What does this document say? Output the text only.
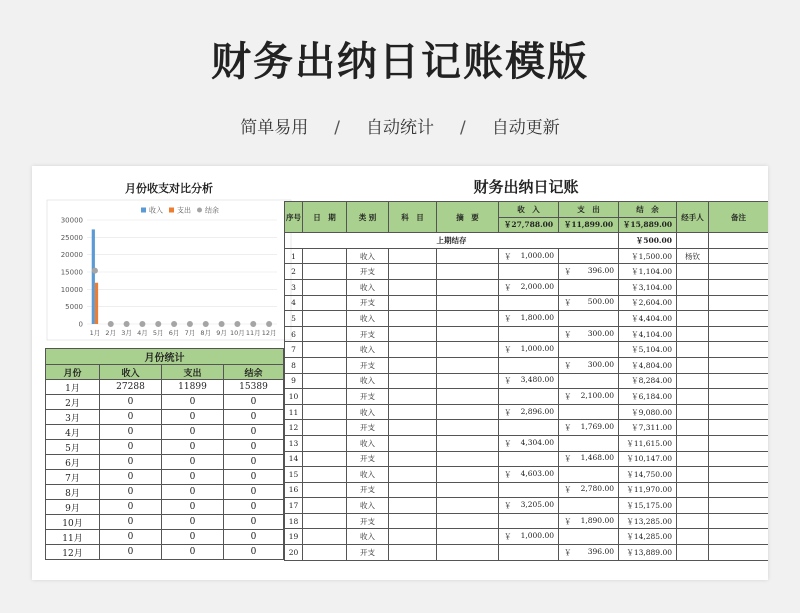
财务出纳日记账模版
简单易用 / 自动统计 / 自动更新
月份收支对比分析
0
5000
10000
15000
20000
25000
30000
收入 支出 结余
1月 2月 3月 4月 5月 6月 7月 8月 9月 10月 11月 12月
月份统计			
月份	收入	支出	结余
1月	27288	11899	15389
2月	0	0	0
3月	0	0	0
4月	0	0	0
5月	0	0	0
6月	0	0	0
7月	0	0	0
8月	0	0	0
9月	0	0	0
10月	0	0	0
11月	0	0	0
12月	0	0	0
财务出纳日记账
序号	日　期	类 别	科　目	摘　要	收　入	支　出	结　余	经手人	备注
					￥27,788.00	￥11,899.00	￥15,889.00		
上期结存							￥500.00		
1		收入			￥ 1,000.00		￥1,500.00	杨钦	
2		开支				￥ 396.00	￥1,104.00		
3		收入			￥ 2,000.00		￥3,104.00		
4		开支				￥ 500.00	￥2,604.00		
5		收入			￥ 1,800.00		￥4,404.00		
6		开支				￥ 300.00	￥4,104.00		
7		收入			￥ 1,000.00		￥5,104.00		
8		开支				￥ 300.00	￥4,804.00		
9		收入			￥ 3,480.00		￥8,284.00		
10		开支				￥ 2,100.00	￥6,184.00		
11		收入			￥ 2,896.00		￥9,080.00		
12		开支				￥ 1,769.00	￥7,311.00		
13		收入			￥ 4,304.00		￥11,615.00		
14		开支				￥ 1,468.00	￥10,147.00		
15		收入			￥ 4,603.00		￥14,750.00		
16		开支				￥ 2,780.00	￥11,970.00		
17		收入			￥ 3,205.00		￥15,175.00		
18		开支				￥ 1,890.00	￥13,285.00		
19		收入			￥ 1,000.00		￥14,285.00		
20		开支				￥ 396.00	￥13,889.00		
